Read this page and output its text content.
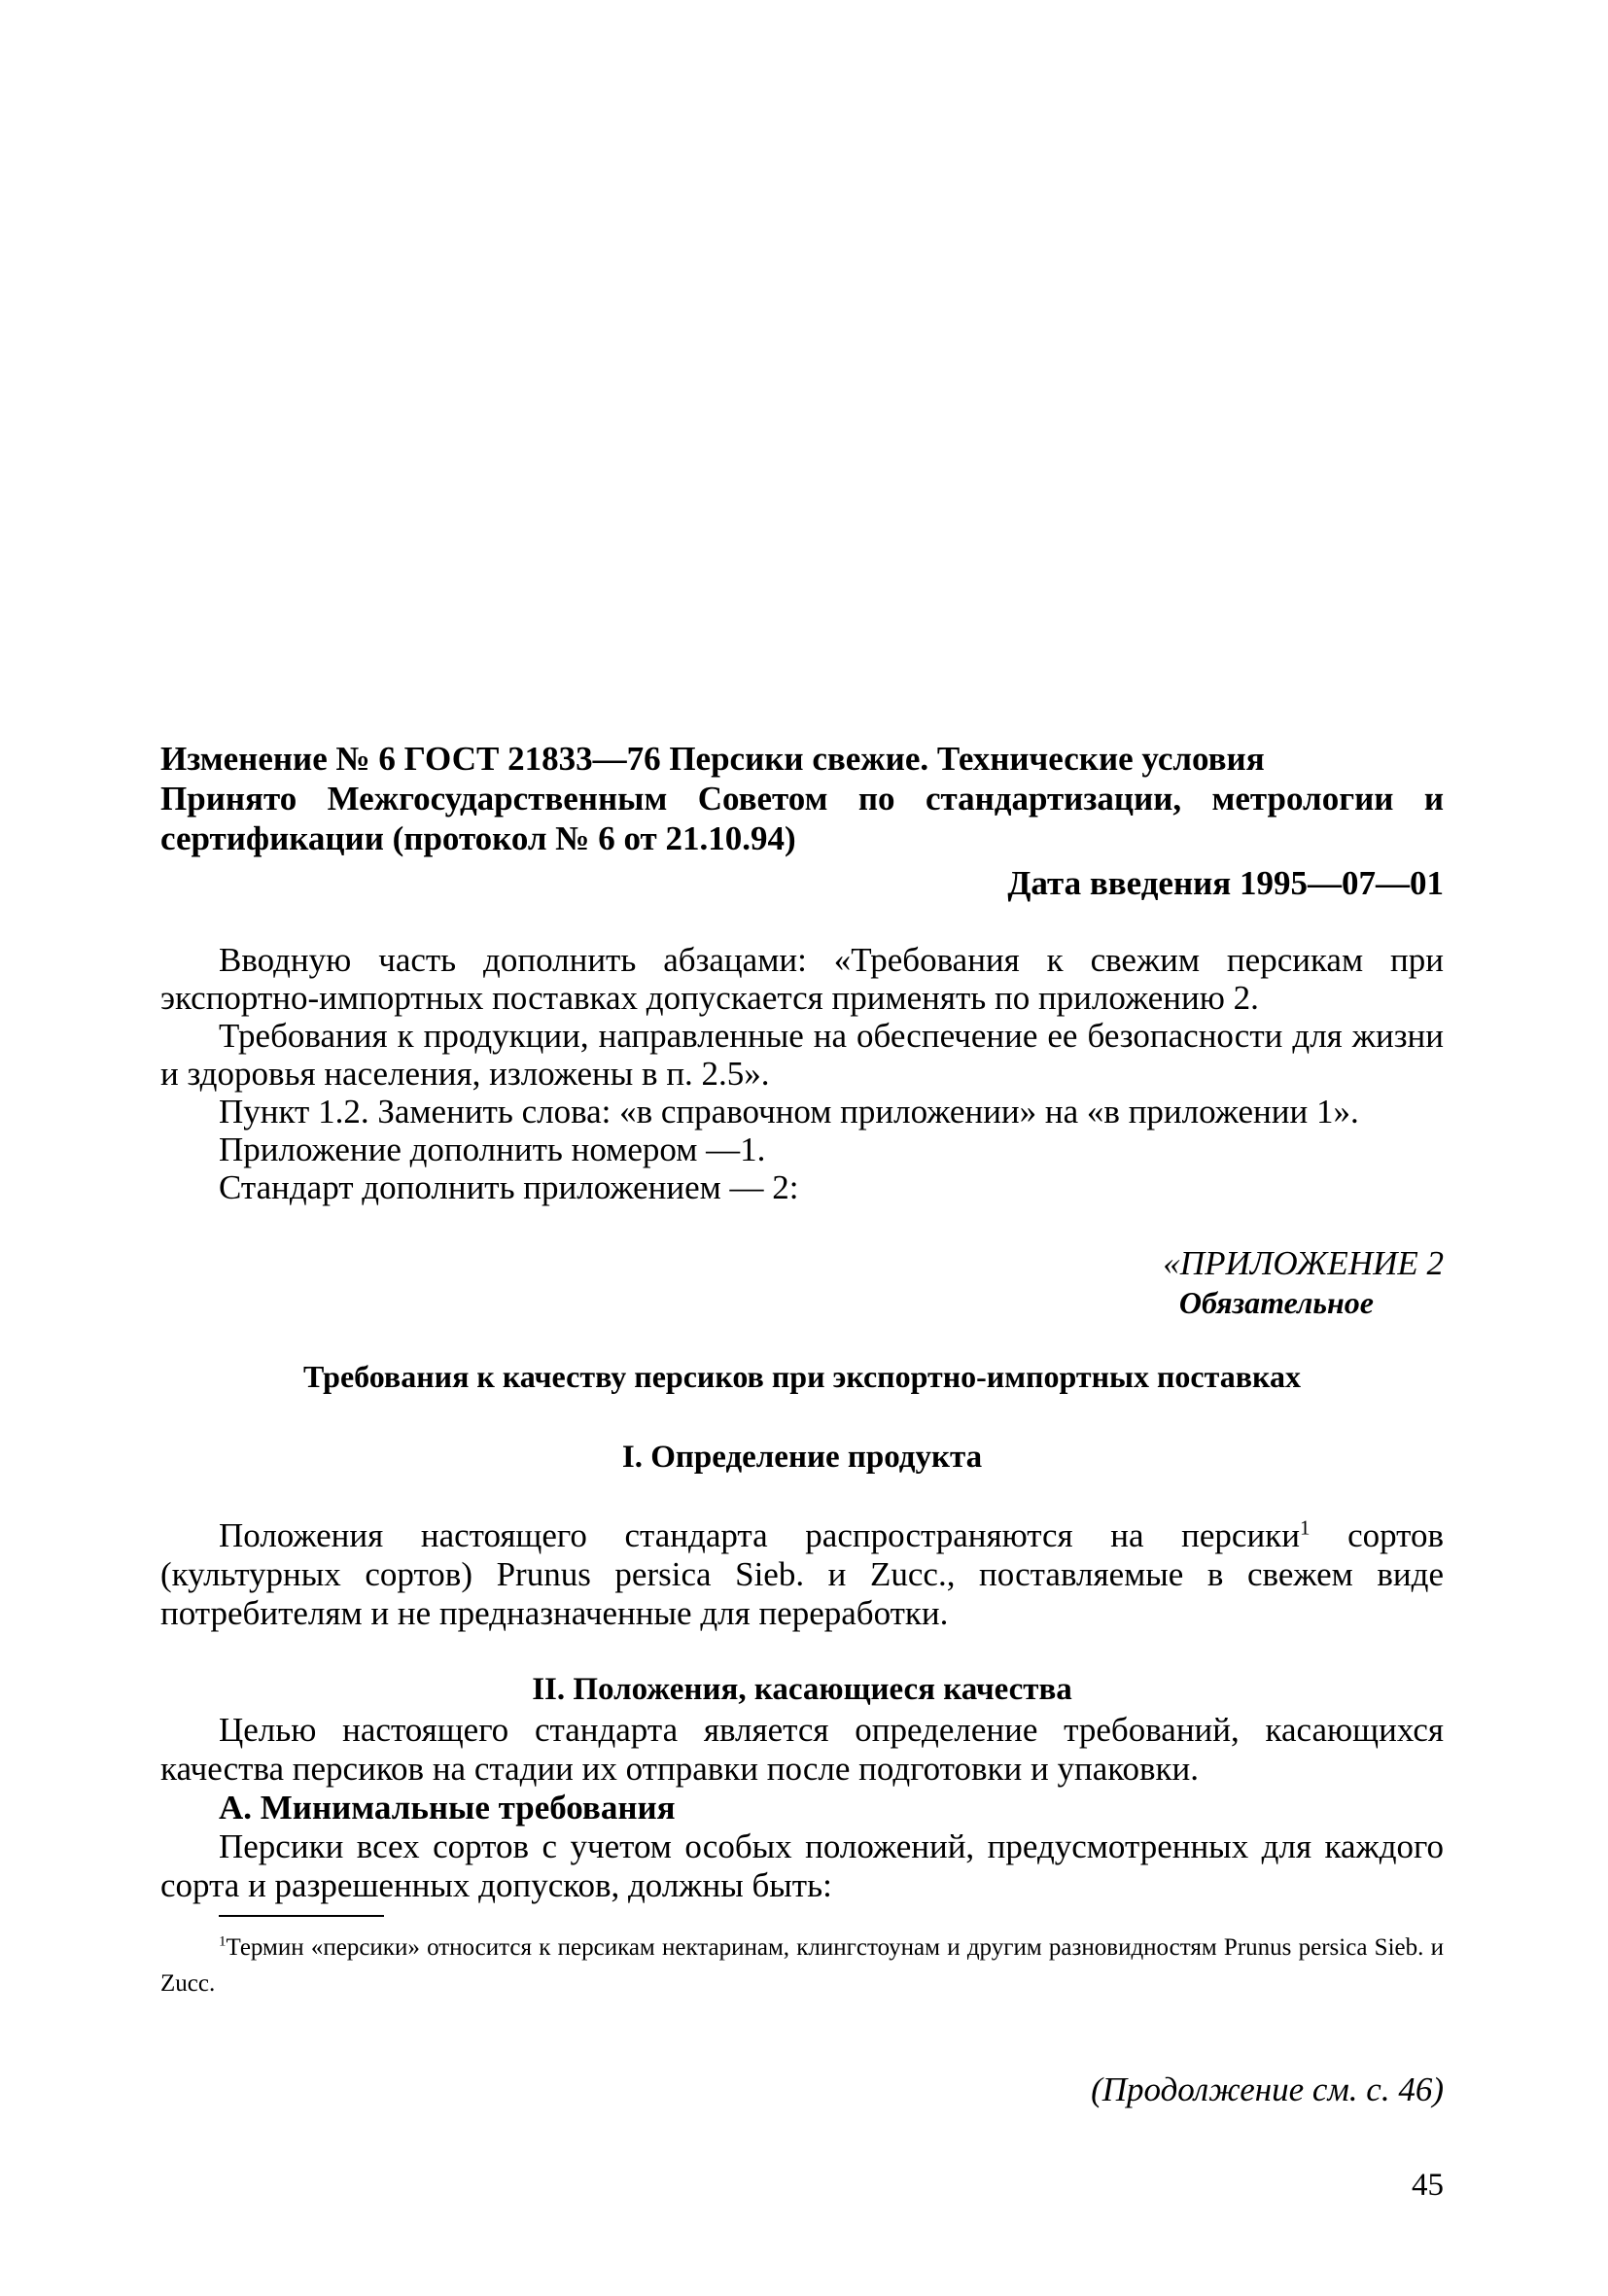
Изменение № 6 ГОСТ 21833—76 Персики свежие. Технические условия
Принято Межгосударственным Советом по стандартизации, метрологии и сертификации (протокол № 6 от 21.10.94)
Дата введения 1995—07—01

Вводную часть дополнить абзацами: «Требования к свежим персикам при экспортно-импортных поставках допускается применять по приложению 2.

Требования к продукции, направленные на обеспечение ее безопасности для жизни и здоровья населения, изложены в п. 2.5».

Пункт 1.2. Заменить слова: «в справочном приложении» на «в приложении 1».

Приложение дополнить номером —1.

Стандарт дополнить приложением — 2:

«ПРИЛОЖЕНИЕ 2
Обязательное
Требования к качеству персиков при экспортно-импортных поставках
I. Определение продукта

Положения настоящего стандарта распространяются на персики$^1$ сортов (культурных сортов) Prunus persica Sieb. и Zucc., поставляемые в свежем виде потребителям и не предназначенные для переработки.

II. Положения, касающиеся качества

Целью настоящего стандарта является определение требований, касающихся качества персиков на стадии их отправки после подготовки и упаковки.

А. Минимальные требования

Персики всех сортов с учетом особых положений, предусмотренных для каждого сорта и разрешенных допусков, должны быть:

$^1$Термин «персики» относится к персикам нектаринам, клингстоунам и другим разновидностям Prunus persica Sieb. и Zucc.

(Продолжение см. с. 46)
45
